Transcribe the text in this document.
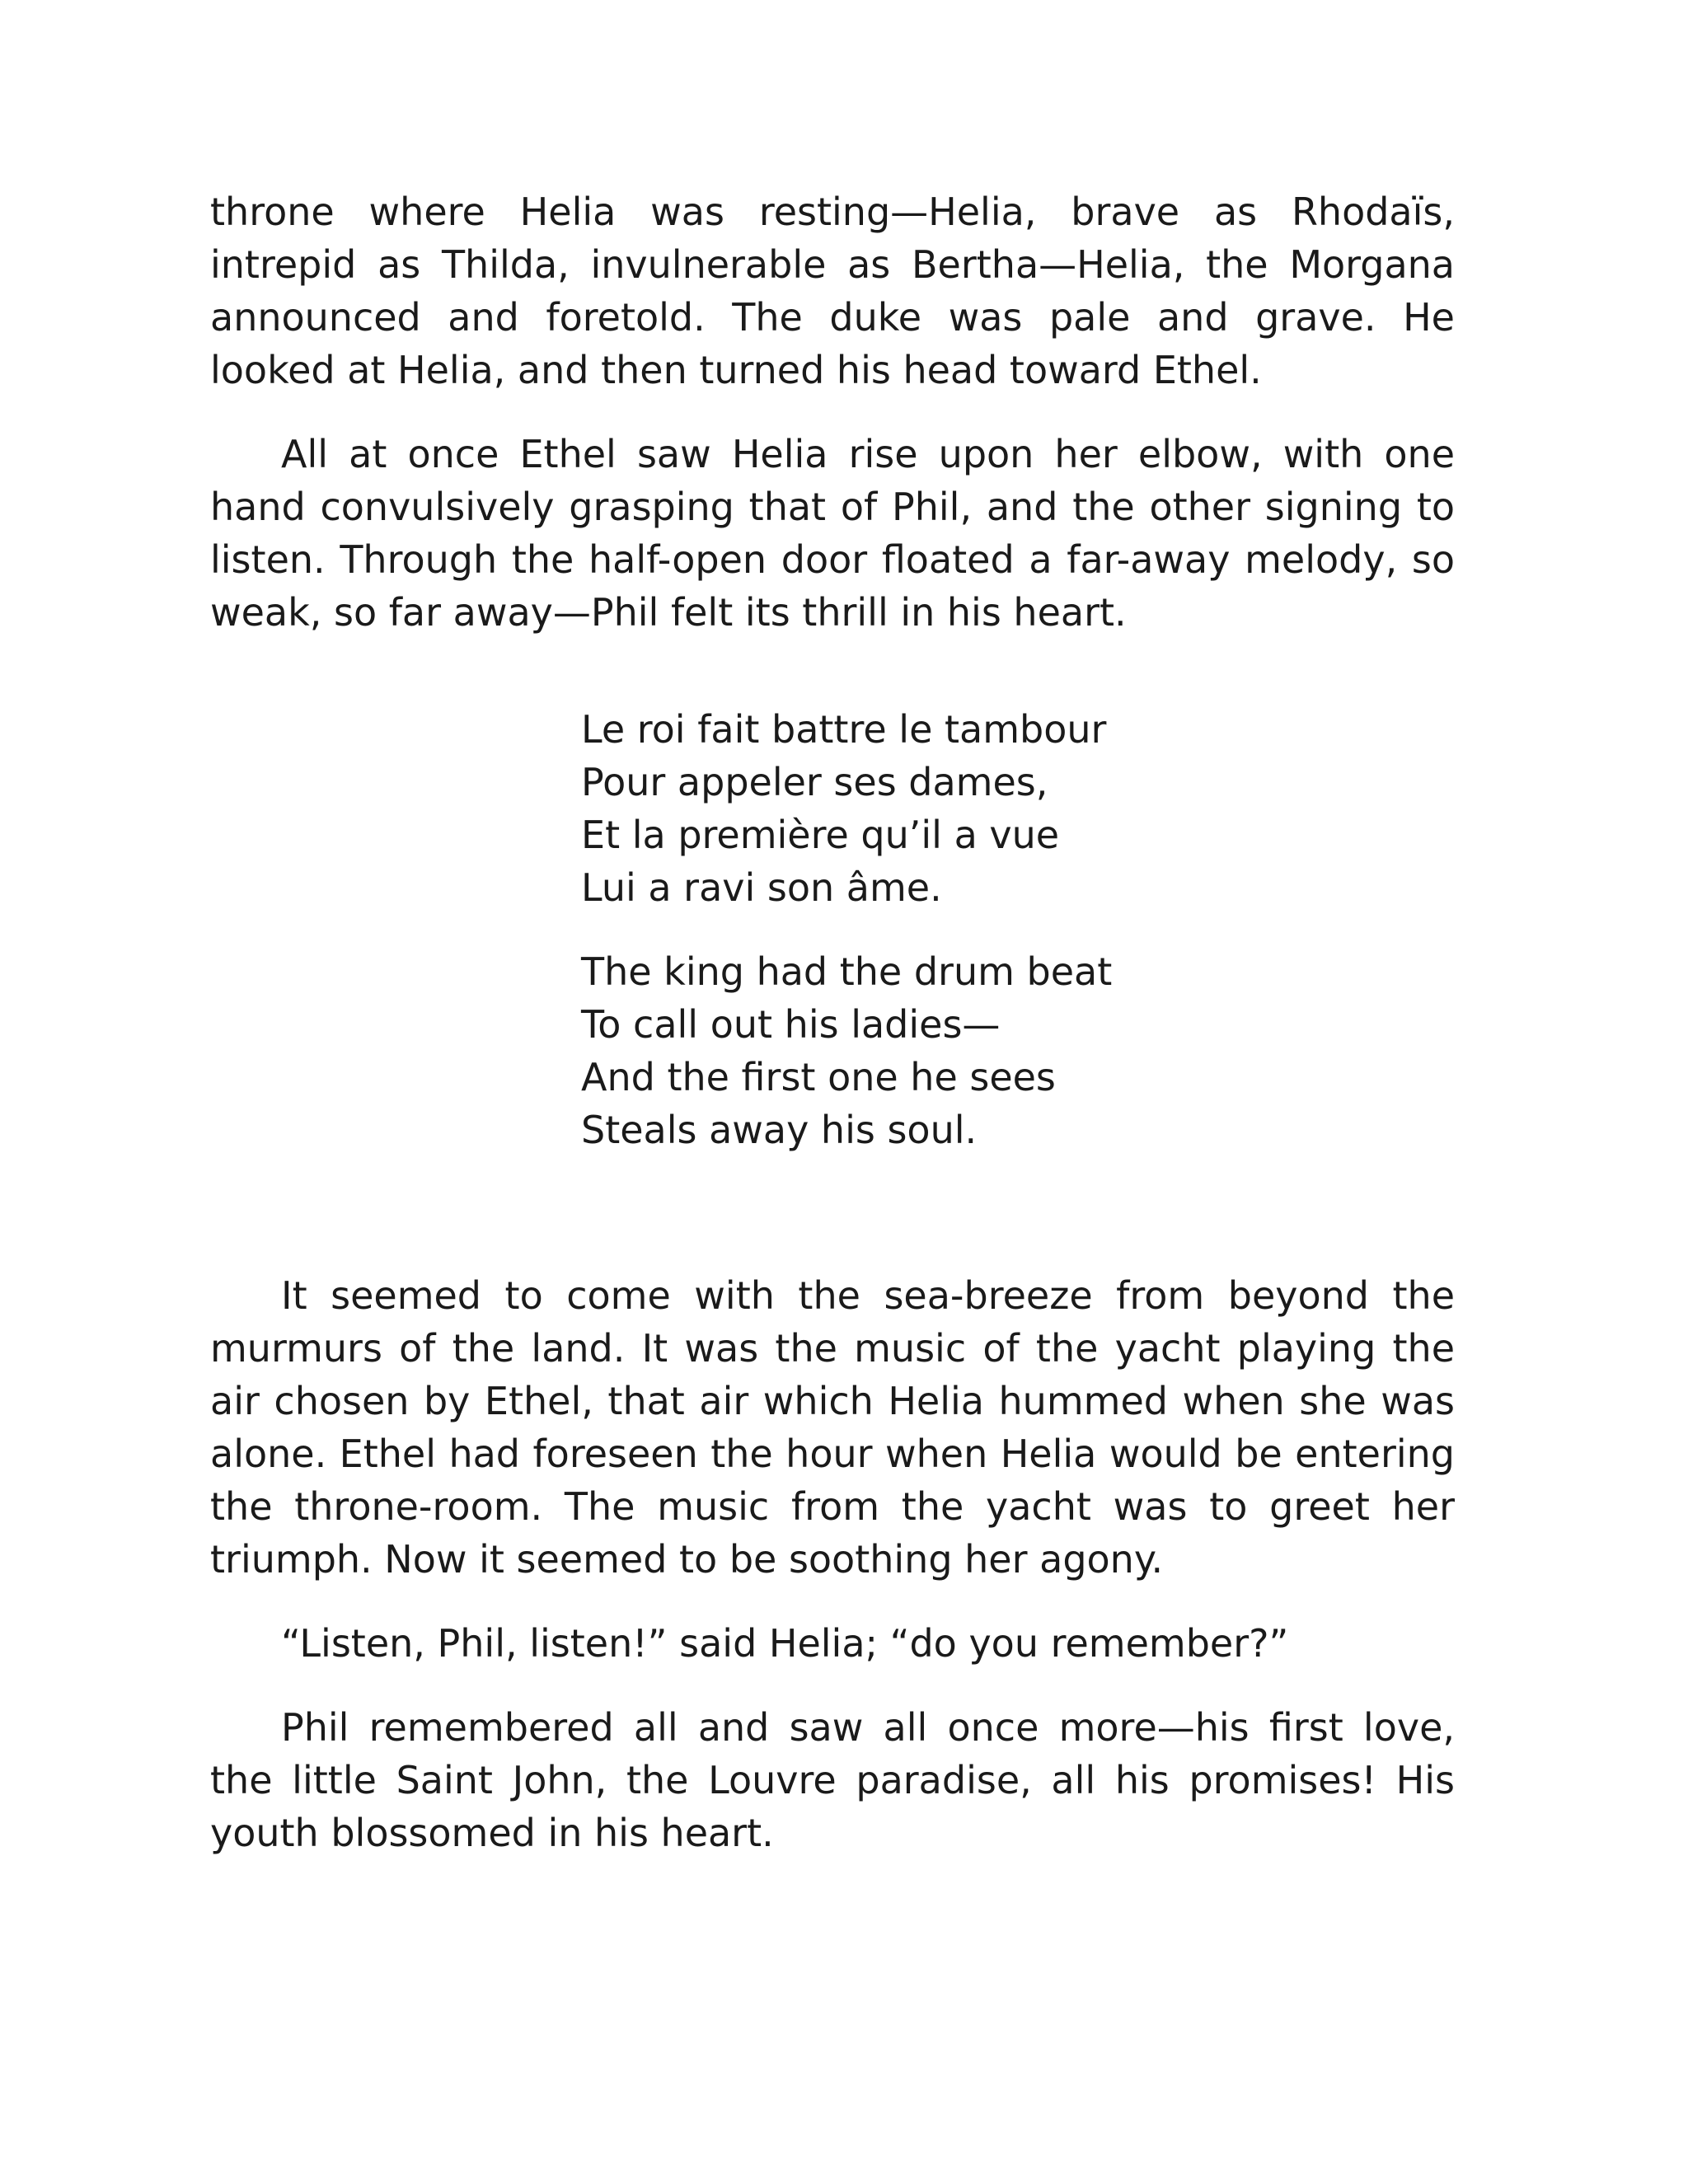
throne where Helia was resting—Helia, brave as Rhodaïs, intrepid as Thilda, invulnerable as Bertha—Helia, the Morgana announced and foretold. The duke was pale and grave. He looked at Helia, and then turned his head toward Ethel.

All at once Ethel saw Helia rise upon her elbow, with one hand convulsively grasping that of Phil, and the other signing to listen. Through the half-open door floated a far-away melody, so weak, so far away—Phil felt its thrill in his heart.

Le roi fait battre le tambour
Pour appeler ses dames,
Et la première qu’il a vue
Lui a ravi son âme.
The king had the drum beat
To call out his ladies—
And the first one he sees
Steals away his soul.

It seemed to come with the sea-breeze from beyond the murmurs of the land. It was the music of the yacht playing the air chosen by Ethel, that air which Helia hummed when she was alone. Ethel had foreseen the hour when Helia would be entering the throne-room. The music from the yacht was to greet her triumph. Now it seemed to be soothing her agony.

“Listen, Phil, listen!” said Helia; “do you remember?”

Phil remembered all and saw all once more—his first love, the little Saint John, the Louvre paradise, all his promises! His youth blossomed in his heart.
